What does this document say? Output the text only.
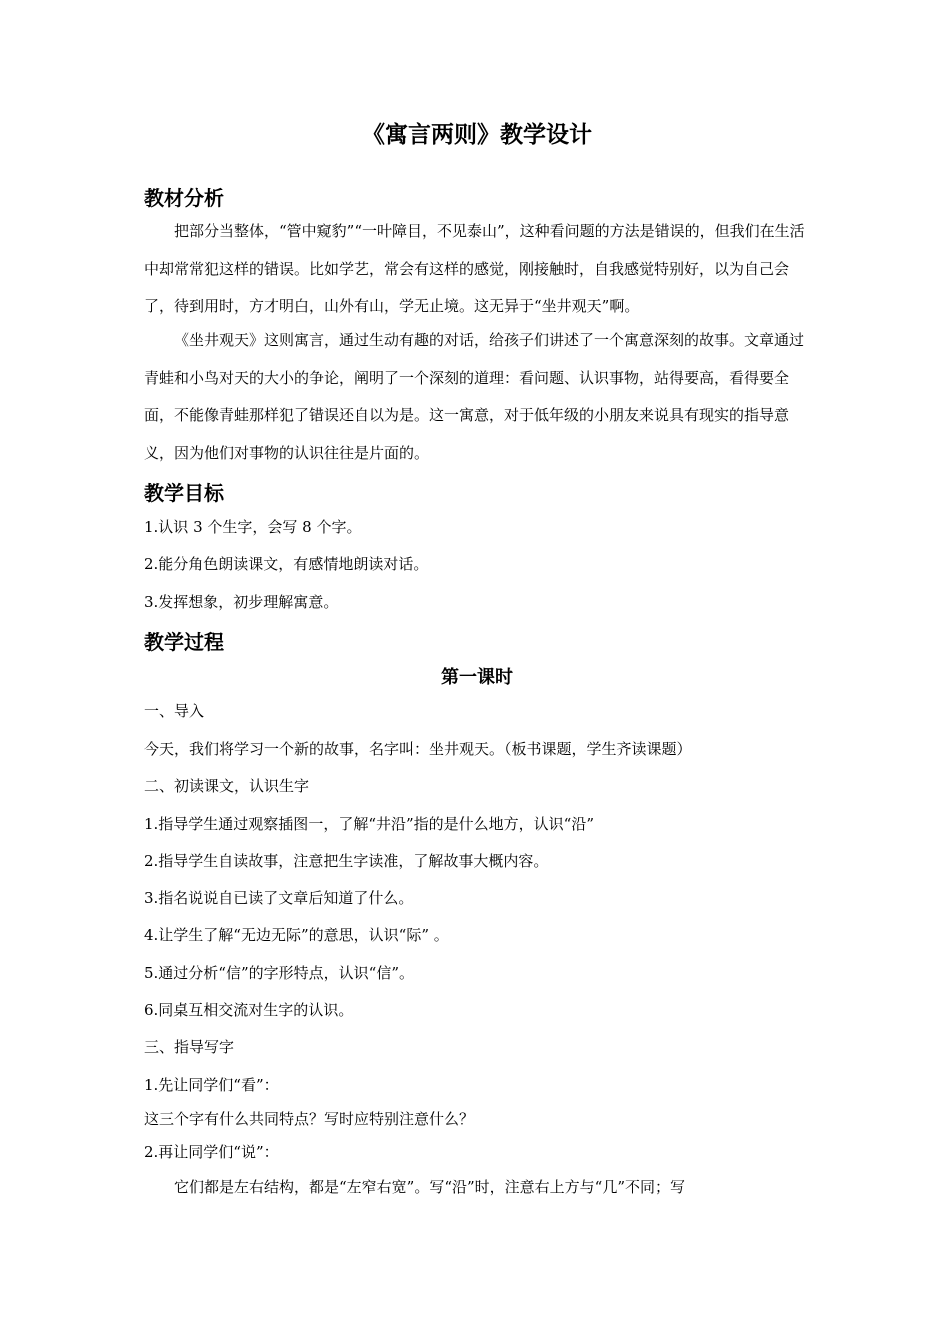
《寓言两则》教学设计
教材分析

把部分当整体，“管中窥豹”“一叶障目，不见泰山”，这种看问题的方法是错误的，但我们在生活中却常常犯这样的错误。比如学艺，常会有这样的感觉，刚接触时，自我感觉特别好，以为自己会了，待到用时，方才明白，山外有山，学无止境。这无异于“坐井观天”啊。

《坐井观天》这则寓言，通过生动有趣的对话，给孩子们讲述了一个寓意深刻的故事。文章通过青蛙和小鸟对天的大小的争论，阐明了一个深刻的道理：看问题、认识事物，站得要高，看得要全面，不能像青蛙那样犯了错误还自以为是。这一寓意，对于低年级的小朋友来说具有现实的指导意义，因为他们对事物的认识往往是片面的。

教学目标
1.认识 3 个生字，会写 8 个字。
2.能分角色朗读课文，有感情地朗读对话。
3.发挥想象，初步理解寓意。
教学过程
第一课时
一、导入
今天，我们将学习一个新的故事，名字叫：坐井观天。（板书课题，学生齐读课题）
二、初读课文，认识生字
1.指导学生通过观察插图一，了解“井沿”指的是什么地方，认识“沿”
2.指导学生自读故事，注意把生字读准，了解故事大概内容。
3.指名说说自已读了文章后知道了什么。
4.让学生了解“无边无际”的意思，认识“际” 。
5.通过分析“信”的字形特点，认识“信”。
6.同桌互相交流对生字的认识。
三、指导写字
1.先让同学们“看”：
这三个字有什么共同特点？写时应特别注意什么？
2.再让同学们“说”：
它们都是左右结构，都是“左窄右宽”。写“沿”时，注意右上方与“几”不同；写
